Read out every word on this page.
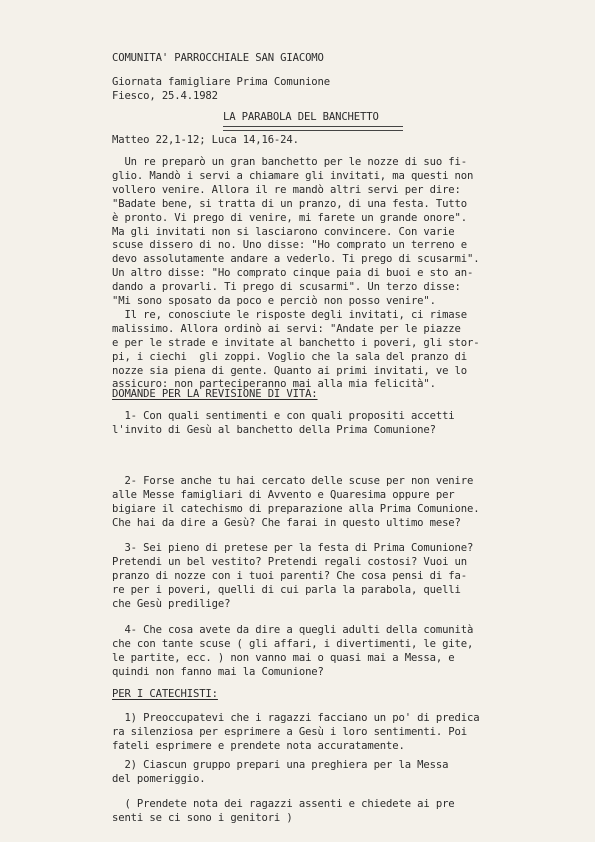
COMUNITA' PARROCCHIALE SAN GIACOMO
Giornata famigliare Prima Comunione
Fiesco, 25.4.1982
LA PARABOLA DEL BANCHETTO
Matteo 22,1-12; Luca 14,16-24.
Un re preparò un gran banchetto per le nozze di suo fi-
glio. Mandò i servi a chiamare gli invitati, ma questi non
vollero venire. Allora il re mandò altri servi per dire:
"Badate bene, si tratta di un pranzo, di una festa. Tutto
è pronto. Vi prego di venire, mi farete un grande onore".
Ma gli invitati non si lasciarono convincere. Con varie
scuse dissero di no. Uno disse: "Ho comprato un terreno e
devo assolutamente andare a vederlo. Ti prego di scusarmi".
Un altro disse: "Ho comprato cinque paia di buoi e sto an-
dando a provarli. Ti prego di scusarmi". Un terzo disse:
"Mi sono sposato da poco e perciò non posso venire".
Il re, conosciute le risposte degli invitati, ci rimase
malissimo. Allora ordinò ai servi: "Andate per le piazze
e per le strade e invitate al banchetto i poveri, gli stor-
pi, i ciechi  gli zoppi. Voglio che la sala del pranzo di
nozze sia piena di gente. Quanto ai primi invitati, ve lo
assicuro: non parteciperanno mai alla mia felicità".
DOMANDE PER LA REVISIONE DI VITA:
1- Con quali sentimenti e con quali propositi accetti
l'invito di Gesù al banchetto della Prima Comunione?
2- Forse anche tu hai cercato delle scuse per non venire
alle Messe famigliari di Avvento e Quaresima oppure per
bigiare il catechismo di preparazione alla Prima Comunione.
Che hai da dire a Gesù? Che farai in questo ultimo mese?
3- Sei pieno di pretese per la festa di Prima Comunione?
Pretendi un bel vestito? Pretendi regali costosi? Vuoi un
pranzo di nozze con i tuoi parenti? Che cosa pensi di fa-
re per i poveri, quelli di cui parla la parabola, quelli
che Gesù predilige?
4- Che cosa avete da dire a quegli adulti della comunità
che con tante scuse ( gli affari, i divertimenti, le gite,
le partite, ecc. ) non vanno mai o quasi mai a Messa, e
quindi non fanno mai la Comunione?
PER I CATECHISTI:
1) Preoccupatevi che i ragazzi facciano un po' di predica
ra silenziosa per esprimere a Gesù i loro sentimenti. Poi
fateli esprimere e prendete nota accuratamente.
2) Ciascun gruppo prepari una preghiera per la Messa
del pomeriggio.
( Prendete nota dei ragazzi assenti e chiedete ai pre
senti se ci sono i genitori )
